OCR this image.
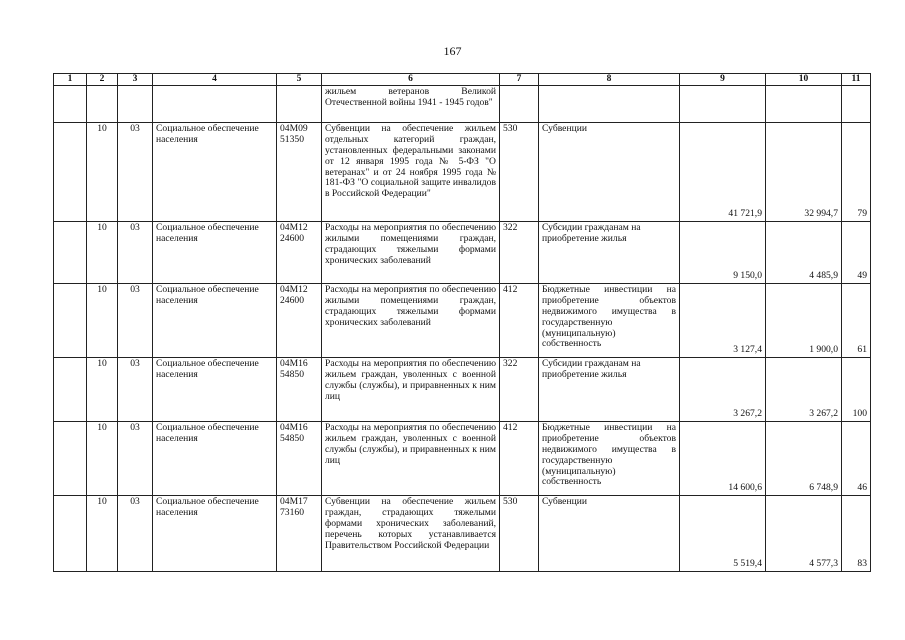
167
1	2	3	4	5	6	7	8	9	10	11
					жильем ветеранов Великой Отечественной войны 1941 - 1945 годов"					
	10	03	Социальное обеспечение населения	04М09 51350	Субвенции на обеспечение жильем отдельных категорий граждан, установленных федеральными законами от 12 января 1995 года № 5-ФЗ "О ветеранах" и от 24 ноября 1995 года № 181-ФЗ "О социальной защите инвалидов в Российской Федерации"	530	Субвенции	41 721,9	32 994,7	79
	10	03	Социальное обеспечение населения	04М12 24600	Расходы на мероприятия по обеспечению жилыми помещениями граждан, страдающих тяжелыми формами хронических заболеваний	322	Субсидии гражданам на приобретение жилья	9 150,0	4 485,9	49
	10	03	Социальное обеспечение населения	04М12 24600	Расходы на мероприятия по обеспечению жилыми помещениями граждан, страдающих тяжелыми формами хронических заболеваний	412	Бюджетные инвестиции на приобретение объектов недвижимого имущества в государственную (муниципальную) собственность	3 127,4	1 900,0	61
	10	03	Социальное обеспечение населения	04М16 54850	Расходы на мероприятия по обеспечению жильем граждан, уволенных с военной службы (службы), и приравненных к ним лиц	322	Субсидии гражданам на приобретение жилья	3 267,2	3 267,2	100
	10	03	Социальное обеспечение населения	04М16 54850	Расходы на мероприятия по обеспечению жильем граждан, уволенных с военной службы (службы), и приравненных к ним лиц	412	Бюджетные инвестиции на приобретение объектов недвижимого имущества в государственную (муниципальную) собственность	14 600,6	6 748,9	46
	10	03	Социальное обеспечение населения	04М17 73160	Субвенции на обеспечение жильем граждан, страдающих тяжелыми формами хронических заболеваний, перечень которых устанавливается Правительством Российской Федерации	530	Субвенции	5 519,4	4 577,3	83
